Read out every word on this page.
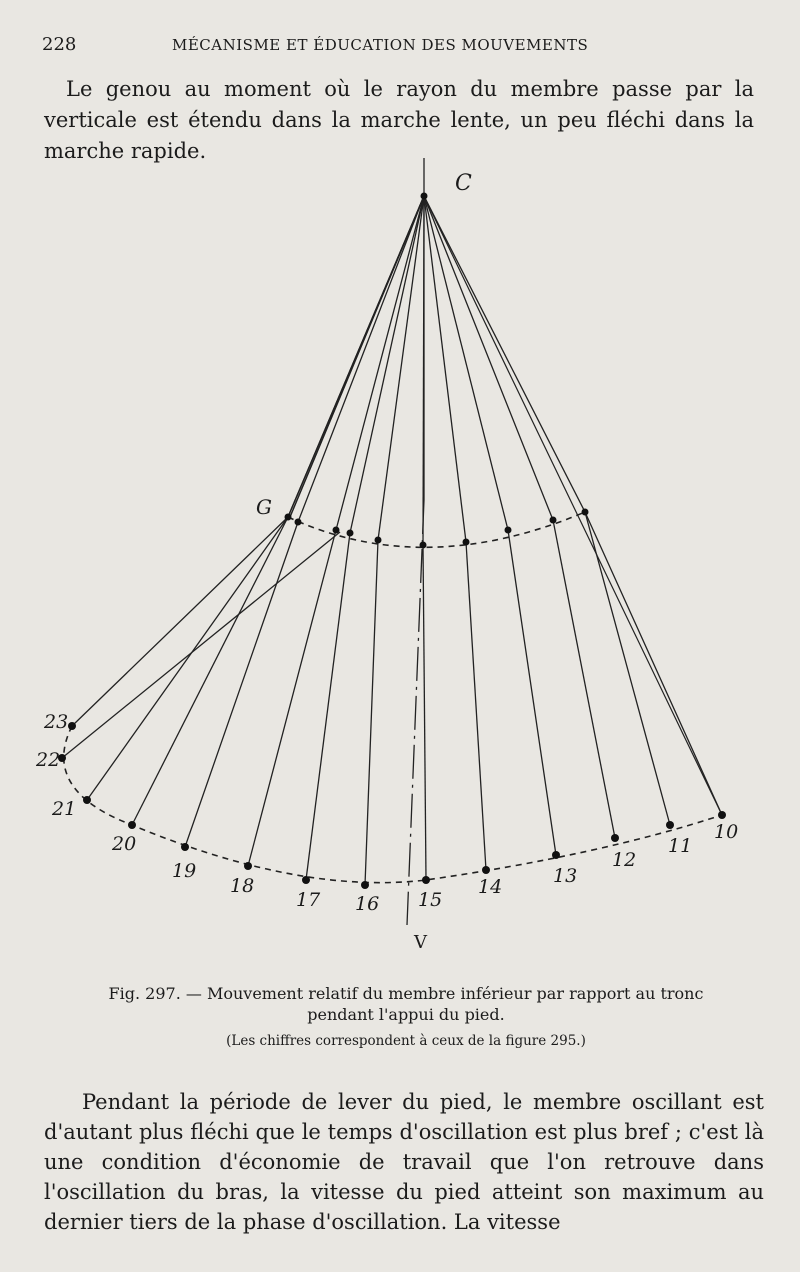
228	MÉCANISME ET ÉDUCATION DES MOUVEMENTS
Le genou au moment où le rayon du membre passe par la verticale est étendu dans la marche lente, un peu fléchi dans la marche rapide.
C
G
V
10
11
12
13
14
15
16
17
18
19
20
21
22
23
Fig. 297. — Mouvement relatif du membre inférieur par rapport au tronc
pendant l'appui du pied.
(Les chiffres correspondent à ceux de la figure 295.)
Pendant la période de lever du pied, le membre oscillant est d'autant plus fléchi que le temps d'oscillation est plus bref ; c'est là une condition d'économie de travail que l'on retrouve dans l'oscillation du bras, la vitesse du pied atteint son maximum au dernier tiers de la phase d'oscillation. La vitesse
